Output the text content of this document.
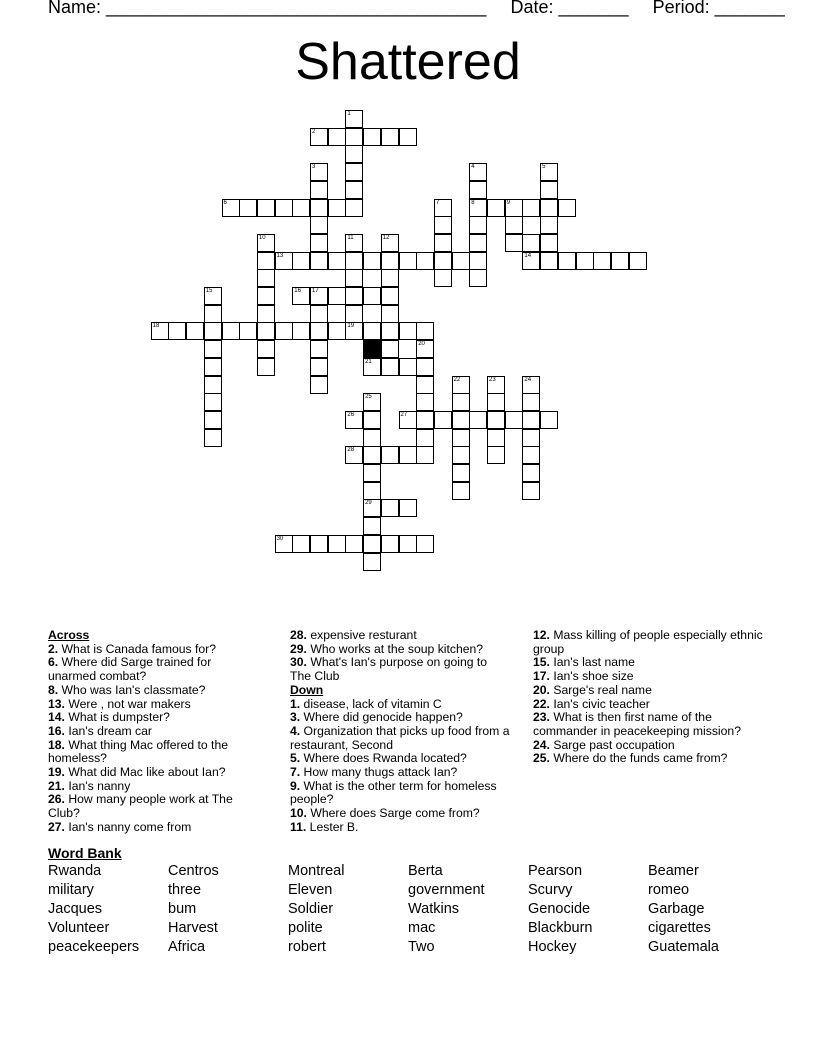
Name: ______________________________________ Date: _______ Period: _______
Shattered
1
2
3	4	5
6	7	8	9
10	11	12
13	14
15	16 17
18	19
20
21
22	23	24
25
26	27
28
29
30
Across
2. What is Canada famous for?
6. Where did Sarge trained for unarmed combat?
8. Who was Ian's classmate?
13. Were , not war makers
14. What is dumpster?
16. Ian's dream car
18. What thing Mac offered to the homeless?
19. What did Mac like about Ian?
21. Ian's nanny
26. How many people work at The Club?
27. Ian's nanny come from
28. expensive resturant
29. Who works at the soup kitchen?
30. What's Ian's purpose on going to The Club
Down
1. disease, lack of vitamin C
3. Where did genocide happen?
4. Organization that picks up food from a restaurant, Second
5. Where does Rwanda located?
7. How many thugs attack Ian?
9. What is the other term for homeless people?
10. Where does Sarge come from?
11. Lester B.
12. Mass killing of people especially ethnic group
15. Ian's last name
17. Ian's shoe size
20. Sarge's real name
22. Ian's civic teacher
23. What is then first name of the commander in peacekeeping mission?
24. Sarge past occupation
25. Where do the funds came from?
Word Bank
Rwanda	Centros	Montreal	Berta	Pearson	Beamer
military	three	Eleven	government	Scurvy	romeo
Jacques	bum	Soldier	Watkins	Genocide	Garbage
Volunteer	Harvest	polite	mac	Blackburn	cigarettes
peacekeepers	Africa	robert	Two	Hockey	Guatemala
